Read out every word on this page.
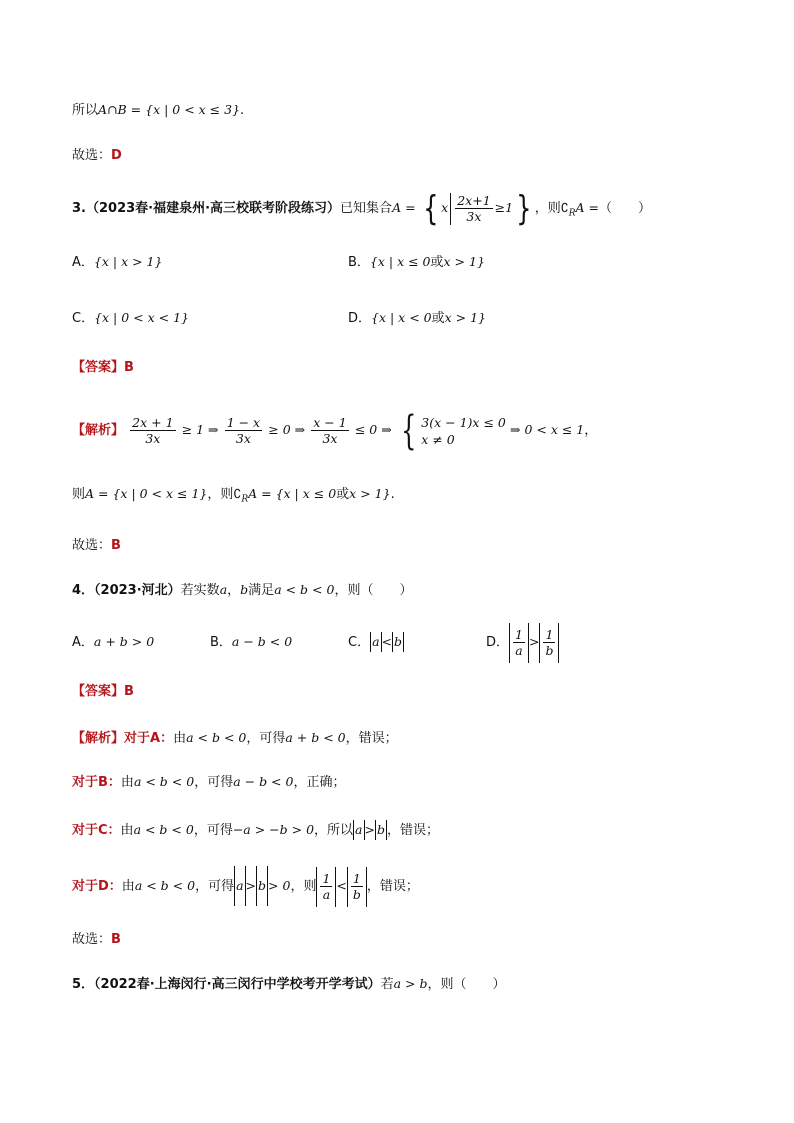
所以A∩B = {x | 0 < x ≤ 3}.
故选：D
3.（2023春·福建泉州·高三校联考阶段练习）已知集合A = { x $\frac{2x+1}{3x} \ge 1$} ，则$∁_RA$ =（　　）
A．{x | x > 1}	B．{x | x ≤ 0或x > 1}
C．{x | 0 < x < 1}	D．{x | x < 0或x > 1}
【答案】B
【解析】 $\frac{2x + 1}{3x} \ge 1$ ⇒ $\frac{1 - x}{3x} \ge 0$ ⇒ $\frac{x - 1}{3x} \le 0$ ⇒ { 3(x − 1)x ≤ 0
x ≠ 0
⇒ 0 < x ≤ 1，
则A = {x | 0 < x ≤ 1}，则$∁_RA = \{x$ | x ≤ 0或x > 1}.
故选：B
4．（2023·河北）若实数a，b满足a < b < 0，则（　　）
A．a + b > 0	B．a − b < 0	C． a < b	D． $\frac{1}{a} > \frac{1}{b}$
【答案】B
【解析】对于A：由a < b < 0，可得a + b < 0，错误；
对于B：由a < b < 0，可得a − b < 0，正确；
对于C：由a < b < 0，可得−a > −b > 0，所以 a > b ，错误；
对于D：由a < b < 0，可得 a > b > 0，则 $\frac{1}{a} < \frac{1}{b}$ ，错误；
故选：B
5．（2022春·上海闵行·高三闵行中学校考开学考试）若a > b，则（　　）
